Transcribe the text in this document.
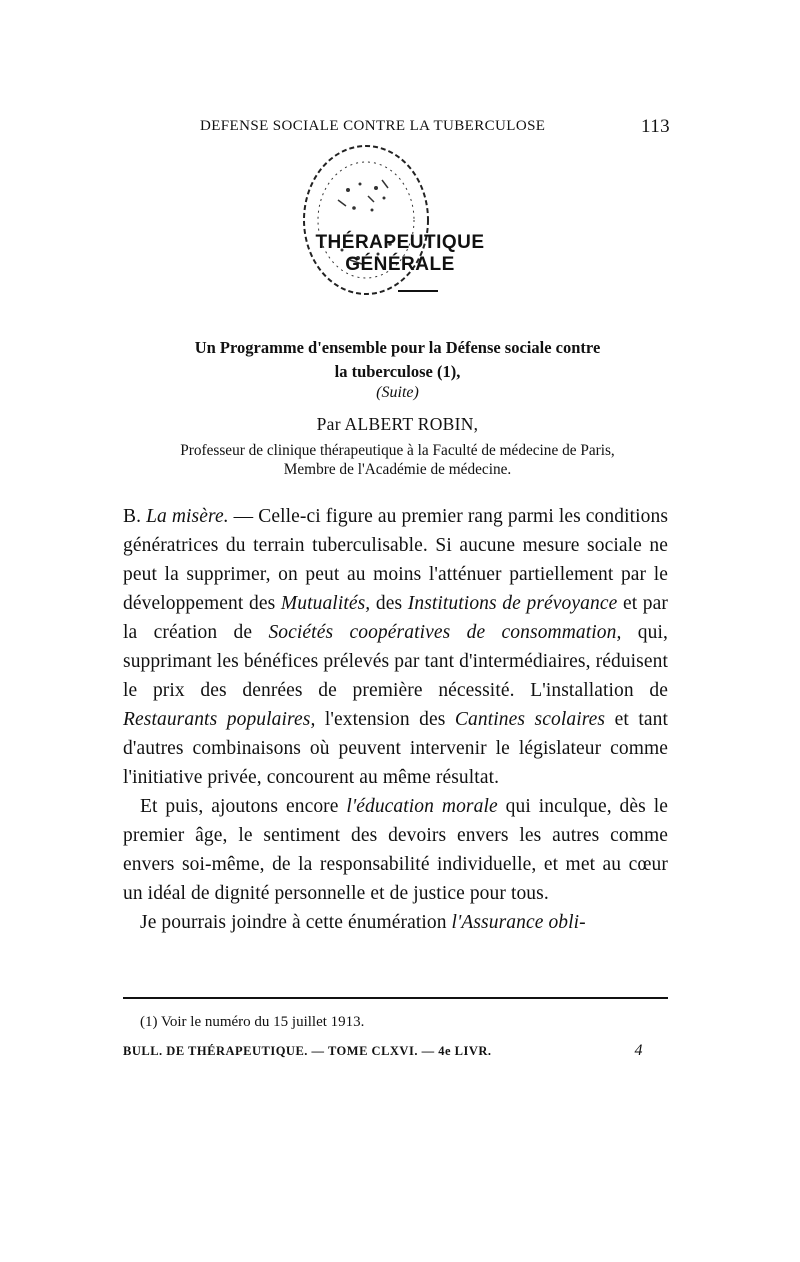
DEFENSE SOCIALE CONTRE LA TUBERCULOSE	113
THÉRAPEUTIQUE GÉNÉRALE
Un Programme d'ensemble pour la Défense sociale contre
la tuberculose (1),
(Suite)
Par ALBERT ROBIN,
Professeur de clinique thérapeutique à la Faculté de médecine de Paris,
Membre de l'Académie de médecine.

B. La misère. — Celle-ci figure au premier rang parmi les conditions génératrices du terrain tuberculisable. Si aucune mesure sociale ne peut la supprimer, on peut au moins l'atténuer partiellement par le développement des Mutualités, des Institutions de prévoyance et par la création de Sociétés coopératives de consommation, qui, supprimant les bénéfices prélevés par tant d'intermédiaires, réduisent le prix des denrées de première nécessité. L'installation de Restaurants populaires, l'extension des Cantines scolaires et tant d'autres combinaisons où peuvent intervenir le législateur comme l'initiative privée, concourent au même résultat.

Et puis, ajoutons encore l'éducation morale qui inculque, dès le premier âge, le sentiment des devoirs envers les autres comme envers soi-même, de la responsabilité individuelle, et met au cœur un idéal de dignité personnelle et de justice pour tous.

Je pourrais joindre à cette énumération l'Assurance obli-

(1) Voir le numéro du 15 juillet 1913.
BULL. DE THÉRAPEUTIQUE. — TOME CLXVI. — 4e LIVR.	4
